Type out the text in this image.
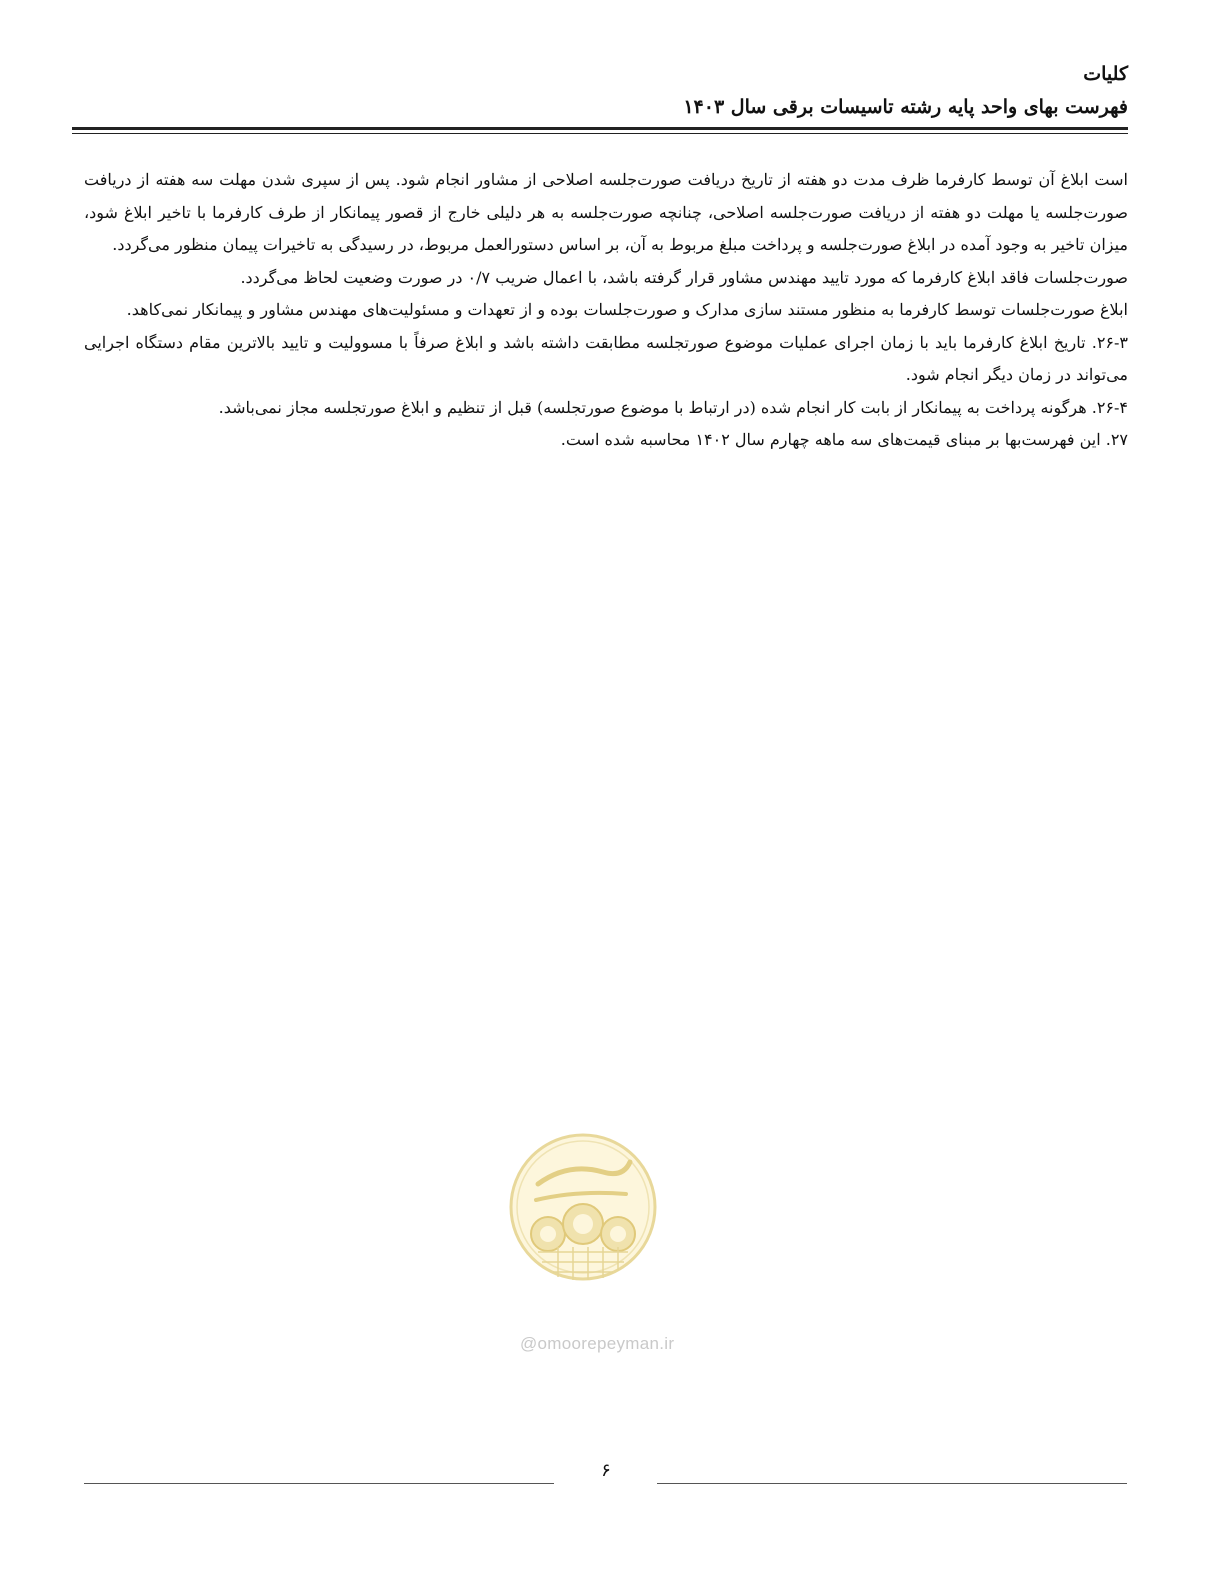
کلیات
فهرست بهای واحد پایه رشته تاسیسات برقی سال ۱۴۰۳

است ابلاغ آن توسط کارفرما ظرف مدت دو هفته از تاریخ دریافت صورت‌جلسه اصلاحی از مشاور انجام شود. پس از سپری شدن مهلت سه هفته از دریافت صورت‌جلسه یا مهلت دو هفته از دریافت صورت‌جلسه اصلاحی، چنانچه صورت‌جلسه به هر دلیلی خارج از قصور پیمانکار از طرف کارفرما با تاخیر ابلاغ شود، میزان تاخیر به وجود آمده در ابلاغ صورت‌جلسه و پرداخت مبلغ مربوط به آن، بر اساس دستورالعمل مربوط، در رسیدگی به تاخیرات پیمان منظور می‌گردد.

صورت‌جلسات فاقد ابلاغ کارفرما که مورد تایید مهندس مشاور قرار گرفته باشد، با اعمال ضریب ۰/۷ در صورت وضعیت لحاظ می‌گردد.

ابلاغ صورت‌جلسات توسط کارفرما به منظور مستند سازی مدارک و صورت‌جلسات بوده و از تعهدات و مسئولیت‌های مهندس مشاور و پیمانکار نمی‌کاهد.

۲۶-۳. تاریخ ابلاغ کارفرما باید با زمان اجرای عملیات موضوع صورتجلسه مطابقت داشته باشد و ابلاغ صرفاً با مسوولیت و تایید بالاترین مقام دستگاه اجرایی می‌تواند در زمان دیگر انجام شود.

۲۶-۴. هرگونه پرداخت به پیمانکار از بابت کار انجام شده (در ارتباط با موضوع صورتجلسه) قبل از تنظیم و ابلاغ صورتجلسه مجاز نمی‌باشد.

۲۷. این فهرست‌بها بر مبنای قیمت‌های سه ماهه چهارم سال ۱۴۰۲ محاسبه شده است.

@omoorepeyman.ir
۶
